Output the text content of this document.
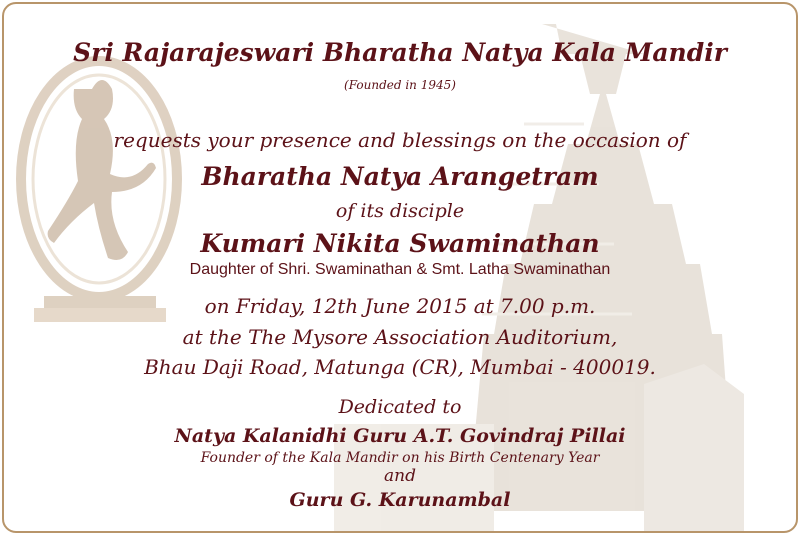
Sri Rajarajeswari Bharatha Natya Kala Mandir
(Founded in 1945)
requests your presence and blessings on the occasion of
Bharatha Natya Arangetram
of its disciple
Kumari Nikita Swaminathan
Daughter of Shri. Swaminathan & Smt. Latha Swaminathan
on Friday, 12th June 2015 at 7.00 p.m.
at the The Mysore Association Auditorium,
Bhau Daji Road, Matunga (CR), Mumbai - 400019.
Dedicated to
Natya Kalanidhi Guru A.T. Govindraj Pillai
Founder of the Kala Mandir on his Birth Centenary Year
and
Guru G. Karunambal
